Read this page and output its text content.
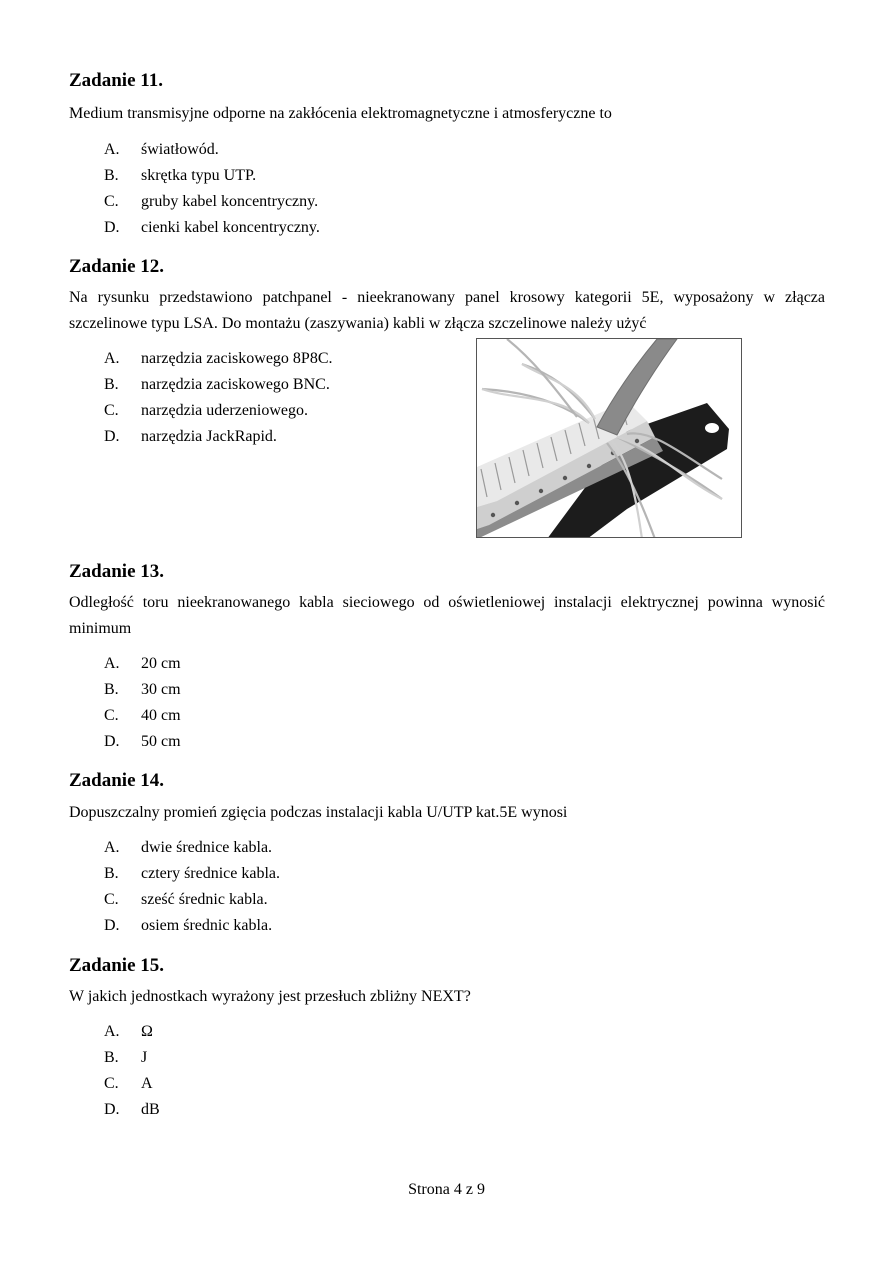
Zadanie 11.

Medium transmisyjne odporne na zakłócenia elektromagnetyczne i atmosferyczne to

A. światłowód.
B. skrętka typu UTP.
C. gruby kabel koncentryczny.
D. cienki kabel koncentryczny.
Zadanie 12.

Na rysunku przedstawiono patchpanel - nieekranowany panel krosowy kategorii 5E, wyposażony w złącza szczelinowe typu LSA. Do montażu (zaszywania) kabli w złącza szczelinowe należy użyć

A. narzędzia zaciskowego 8P8C.
B. narzędzia zaciskowego BNC.
C. narzędzia uderzeniowego.
D. narzędzia JackRapid.
Zadanie 13.

Odległość toru nieekranowanego kabla sieciowego od oświetleniowej instalacji elektrycznej powinna wynosić minimum

A. 20 cm
B. 30 cm
C. 40 cm
D. 50 cm
Zadanie 14.

Dopuszczalny promień zgięcia podczas instalacji kabla U/UTP kat.5E wynosi

A. dwie średnice kabla.
B. cztery średnice kabla.
C. sześć średnic kabla.
D. osiem średnic kabla.
Zadanie 15.

W jakich jednostkach wyrażony jest przesłuch zbliżny NEXT?

A. Ω
B. J
C. A
D. dB
Strona 4 z 9
